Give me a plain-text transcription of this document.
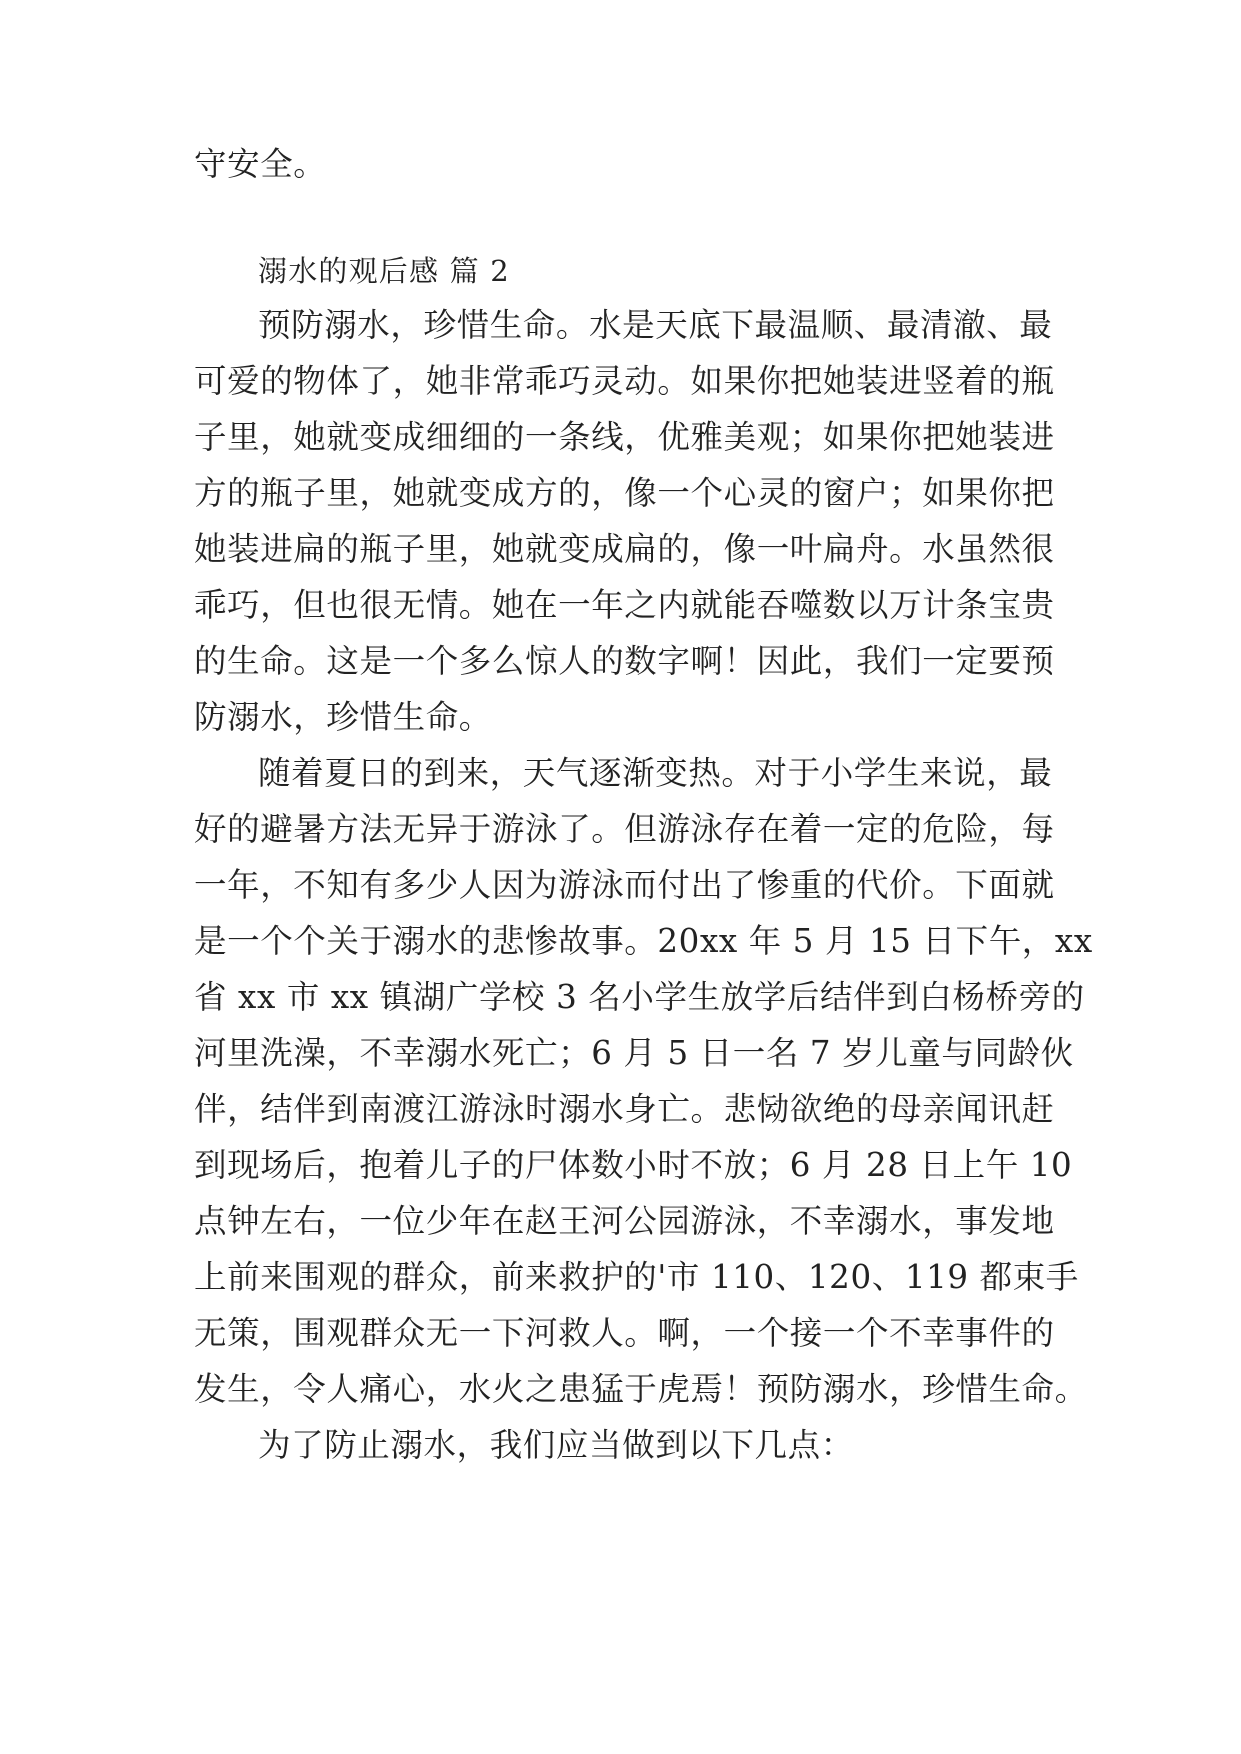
守安全。
溺水的观后感 篇 2
预防溺水，珍惜生命。水是天底下最温顺、最清澈、最
可爱的物体了，她非常乖巧灵动。如果你把她装进竖着的瓶
子里，她就变成细细的一条线，优雅美观；如果你把她装进
方的瓶子里，她就变成方的，像一个心灵的窗户；如果你把
她装进扁的瓶子里，她就变成扁的，像一叶扁舟。水虽然很
乖巧，但也很无情。她在一年之内就能吞噬数以万计条宝贵
的生命。这是一个多么惊人的数字啊！因此，我们一定要预
防溺水，珍惜生命。
随着夏日的到来，天气逐渐变热。对于小学生来说，最
好的避暑方法无异于游泳了。但游泳存在着一定的危险，每
一年，不知有多少人因为游泳而付出了惨重的代价。下面就
是一个个关于溺水的悲惨故事。20xx 年 5 月 15 日下午，xx
省 xx 市 xx 镇湖广学校 3 名小学生放学后结伴到白杨桥旁的
河里洗澡，不幸溺水死亡；6 月 5 日一名 7 岁儿童与同龄伙
伴，结伴到南渡江游泳时溺水身亡。悲恸欲绝的母亲闻讯赶
到现场后，抱着儿子的尸体数小时不放；6 月 28 日上午 10
点钟左右，一位少年在赵王河公园游泳，不幸溺水，事发地
上前来围观的群众，前来救护的'市 110、120、119 都束手
无策，围观群众无一下河救人。啊，一个接一个不幸事件的
发生，令人痛心，水火之患猛于虎焉！预防溺水，珍惜生命。
为了防止溺水，我们应当做到以下几点：
